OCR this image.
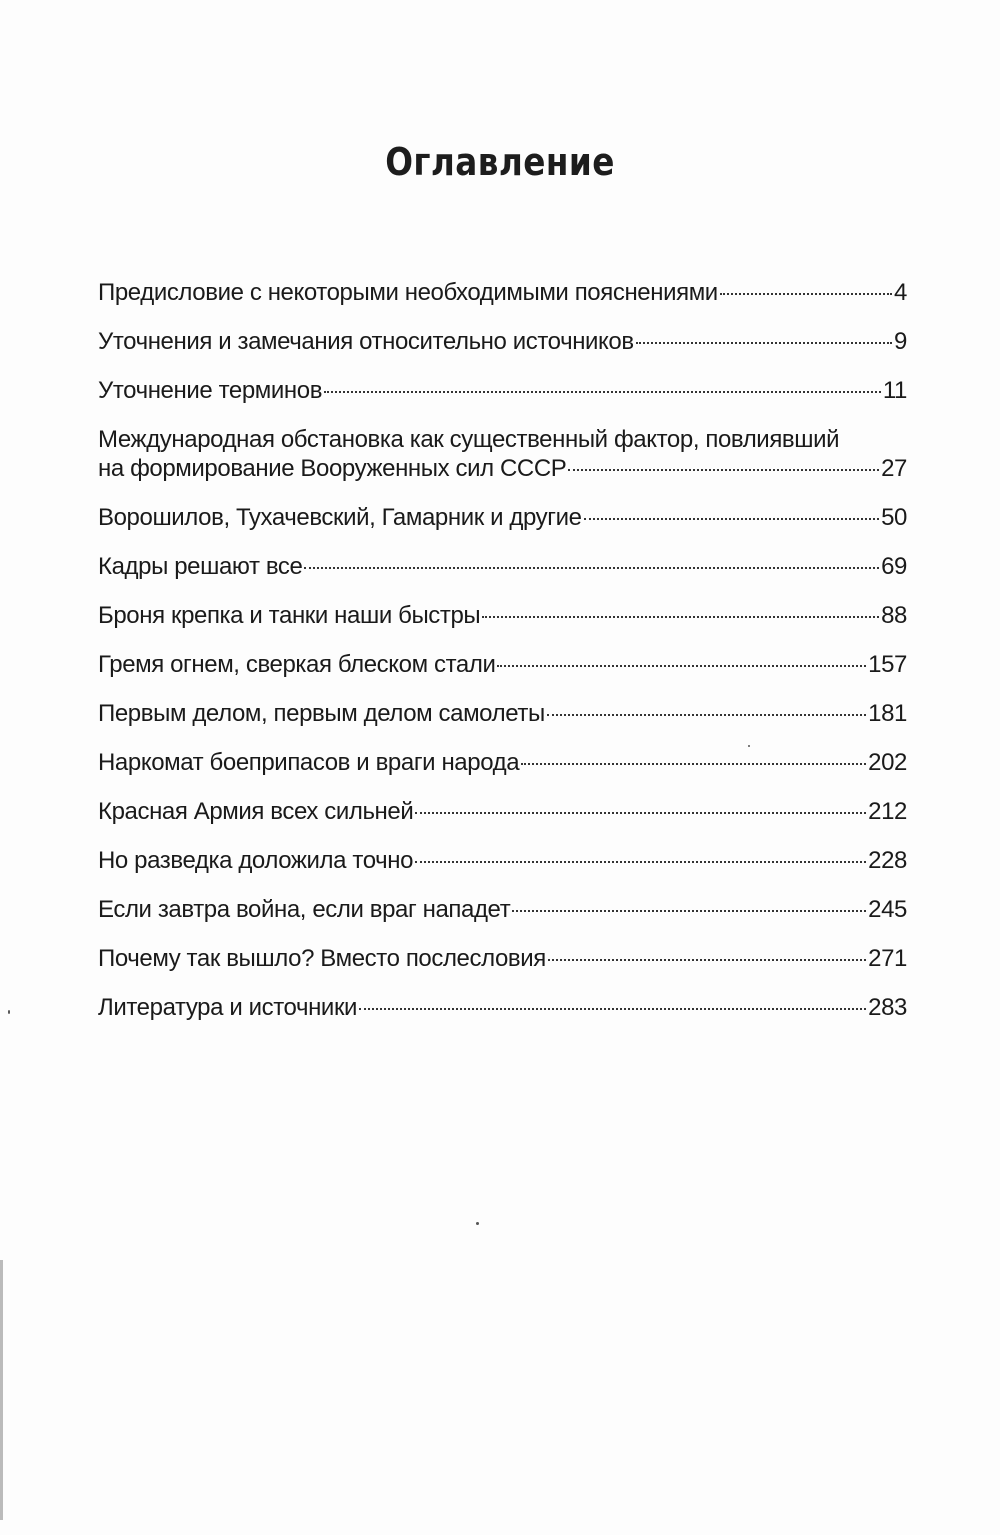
Оглавление
Предисловие с некоторыми необходимыми пояснениями	4
Уточнения и замечания относительно источников	9
Уточнение терминов	11
Международная обстановка как существенный фактор, повлиявший
на формирование Вооруженных сил СССР	27
Ворошилов, Тухачевский, Гамарник и другие	50
Кадры решают все	69
Броня крепка и танки наши быстры	88
Гремя огнем, сверкая блеском стали	157
Первым делом, первым делом самолеты	181
Наркомат боеприпасов и враги народа	202
Красная Армия всех сильней	212
Но разведка доложила точно	228
Если завтра война, если враг нападет	245
Почему так вышло? Вместо послесловия	271
Литература и источники	283
